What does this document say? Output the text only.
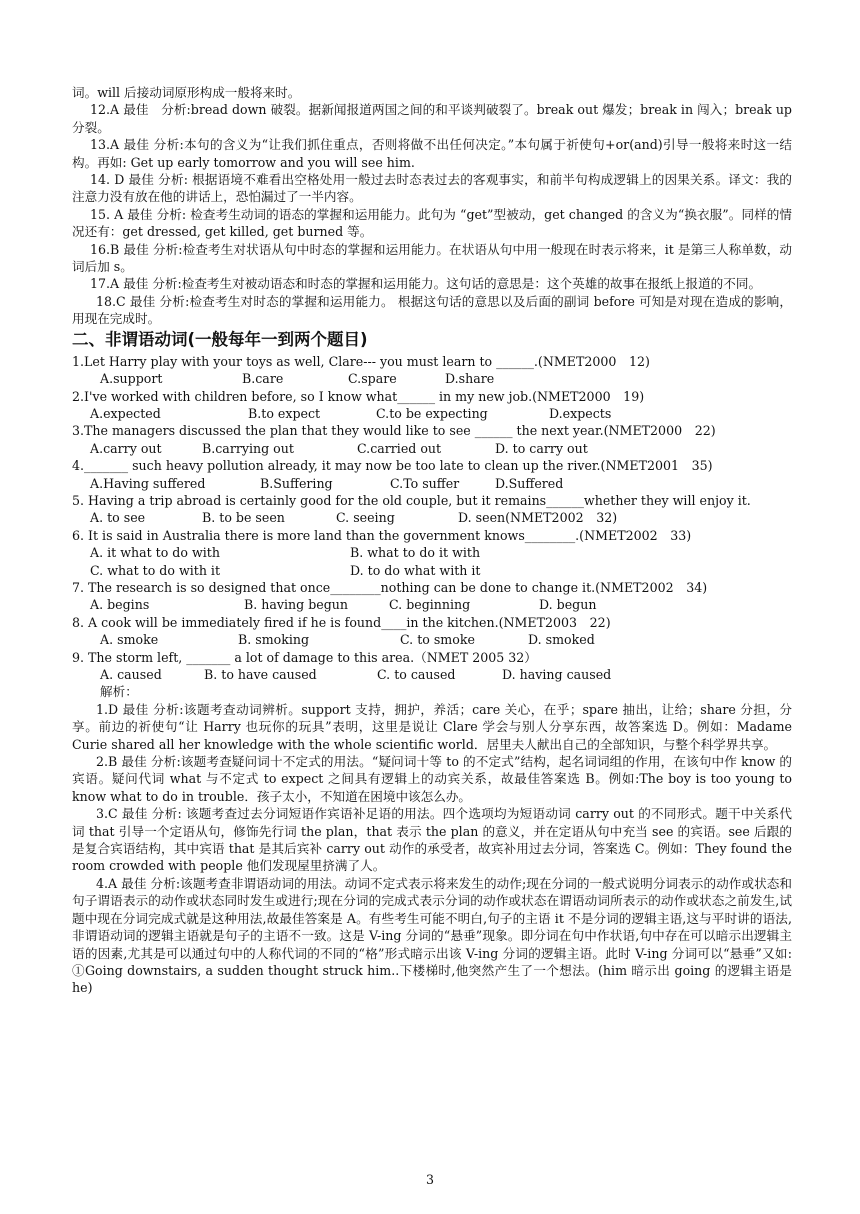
词。will 后接动词原形构成一般将来时。

12.A 最佳　分析:bread down 破裂。据新闻报道两国之间的和平谈判破裂了。break out 爆发；break in 闯入；break up 分裂。

13.A 最佳 分析:本句的含义为“让我们抓住重点，否则将做不出任何决定。”本句属于祈使句+or(and)引导一般将来时这一结构。再如: Get up early tomorrow and you will see him.

14. D 最佳 分析: 根据语境不难看出空格处用一般过去时态表过去的客观事实，和前半句构成逻辑上的因果关系。译文：我的注意力没有放在他的讲话上，恐怕漏过了一半内容。

15. A 最佳 分析: 检查考生动词的语态的掌握和运用能力。此句为 “get”型被动，get changed 的含义为“换衣服”。同样的情况还有：get dressed, get killed, get burned 等。

16.B 最佳 分析:检查考生对状语从句中时态的掌握和运用能力。在状语从句中用一般现在时表示将来，it 是第三人称单数，动词后加 s。

17.A 最佳 分析:检查考生对被动语态和时态的掌握和运用能力。这句话的意思是：这个英雄的故事在报纸上报道的不同。

18.C 最佳 分析:检查考生对时态的掌握和运用能力。 根据这句话的意思以及后面的副词 before 可知是对现在造成的影响，用现在完成时。

二、非谓语动词(一般每年一到两个题目)

1.Let Harry play with your toys as well, Clare--- you must learn to ______.(NMET2000　12)

A.support	B.care	C.spare	D.share

2.I've worked with children before, so I know what______ in my new job.(NMET2000　19)

A.expected	B.to expect	C.to be expecting	D.expects

3.The managers discussed the plan that they would like to see ______ the next year.(NMET2000　22)

A.carry out	B.carrying out	C.carried out	D. to carry out

4._______ such heavy pollution already, it may now be too late to clean up the river.(NMET2001　35)

A.Having suffered	B.Suffering	C.To suffer	D.Suffered

5. Having a trip abroad is certainly good for the old couple, but it remains______whether they will enjoy it.

A. to see	B. to be seen	C. seeing	D. seen(NMET2002　32)

6. It is said in Australia there is more land than the government knows________.(NMET2002　33)

A. it what to do with	B. what to do it with
C. what to do with it	D. to do what with it

7. The research is so designed that once________nothing can be done to change it.(NMET2002　34)

A. begins	B. having begun	C. beginning	D. begun

8. A cook will be immediately fired if he is found____in the kitchen.(NMET2003　22)

A. smoke	B. smoking	C. to smoke	D. smoked

9. The storm left, _______ a lot of damage to this area.（NMET 2005 32）

A. caused	B. to have caused	C. to caused	D. having caused

解析：

1.D 最佳 分析:该题考查动词辨析。support 支持，拥护，养活；care 关心，在乎；spare 抽出，让给；share 分担，分享。前边的祈使句“让 Harry 也玩你的玩具”表明，这里是说让 Clare 学会与别人分享东西，故答案选 D。例如：Madame Curie shared all her knowledge with the whole scientific world．居里夫人献出自己的全部知识，与整个科学界共享。

2.B 最佳 分析:该题考查疑问词十不定式的用法。“疑问词十等 to 的不定式”结构，起名词词组的作用，在该句中作 know 的宾语。疑问代词 what 与不定式 to expect 之间具有逻辑上的动宾关系，故最佳答案选 B。例如:The boy is too young to know what to do in trouble．孩子太小，不知道在困境中该怎么办。

3.C 最佳 分析: 该题考查过去分词短语作宾语补足语的用法。四个选项均为短语动词 carry out 的不同形式。题干中关系代词 that 引导一个定语从句，修饰先行词 the plan，that 表示 the plan 的意义，并在定语从句中充当 see 的宾语。see 后跟的是复合宾语结构，其中宾语 that 是其后宾补 carry out 动作的承受者，故宾补用过去分词，答案选 C。例如：They found the room crowded with people 他们发现屋里挤满了人。

4.A 最佳 分析:该题考查非谓语动词的用法。动词不定式表示将来发生的动作;现在分词的一般式说明分词表示的动作或状态和句子谓语表示的动作或状态同时发生或进行;现在分词的完成式表示分词的动作或状态在谓语动词所表示的动作或状态之前发生,试题中现在分词完成式就是这种用法,故最佳答案是 A。有些考生可能不明白,句子的主语 it 不是分词的逻辑主语,这与平时讲的语法,非谓语动词的逻辑主语就是句子的主语不一致。这是 V-ing 分词的“悬垂”现象。即分词在句中作状语,句中存在可以暗示出逻辑主语的因素,尤其是可以通过句中的人称代词的不同的“格”形式暗示出该 V-ing 分词的逻辑主语。此时 V-ing 分词可以“悬垂”又如: ①Going downstairs, a sudden thought struck him..下楼梯时,他突然产生了一个想法。(him 暗示出 going 的逻辑主语是 he)

3
